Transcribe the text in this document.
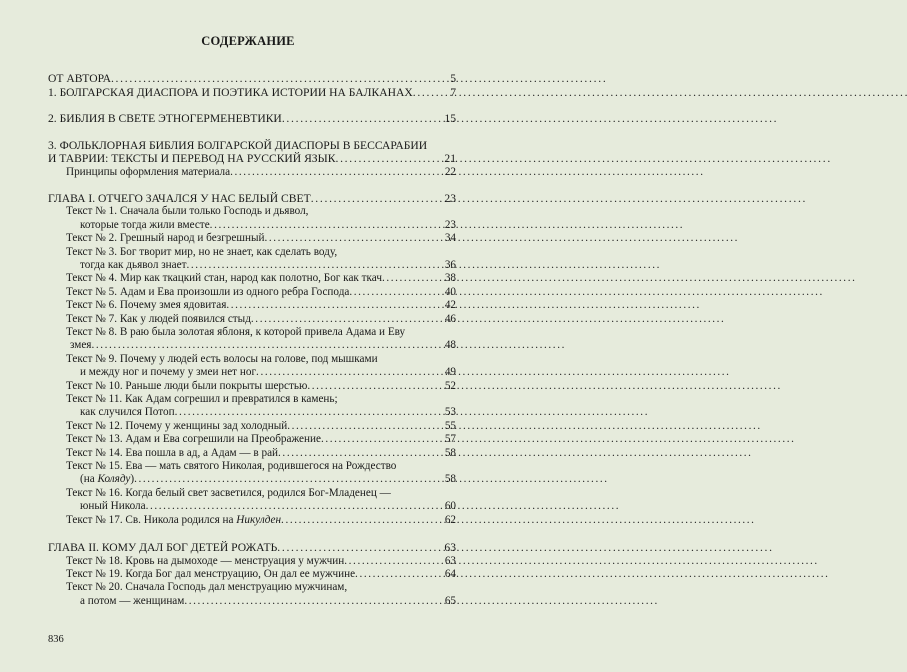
СОДЕРЖАНИЕ
ОТ АВТОРА . . .	5
1. БОЛГАРСКАЯ ДИАСПОРА И ПОЭТИКА ИСТОРИИ НА БАЛКАНАХ . . .	7
2. БИБЛИЯ В СВЕТЕ ЭТНОГЕРМЕНЕВТИКИ . . .	15
3. ФОЛЬКЛОРНАЯ БИБЛИЯ БОЛГАРСКОЙ ДИАСПОРЫ В БЕССАРАБИИ
И ТАВРИИ: ТЕКСТЫ И ПЕРЕВОД НА РУССКИЙ ЯЗЫК . . .	21
Принципы оформления материала . . .	22
ГЛАВА I. ОТЧЕГО ЗАЧАЛСЯ У НАС БЕЛЫЙ СВЕТ . . .	23
Текст № 1. Сначала были только Господь и дьявол,
которые тогда жили вместе . . .	23
Текст № 2. Грешный народ и безгрешный . . .	34
Текст № 3. Бог творит мир, но не знает, как сделать воду,
тогда как дьявол знает . . .	36
Текст № 4. Мир как ткацкий стан, народ как полотно, Бог как ткач . . .	38
Текст № 5. Адам и Ева произошли из одного ребра Господа . . .	40
Текст № 6. Почему змея ядовитая . . .	42
Текст № 7. Как у людей появился стыд . . .	46
Текст № 8. В раю была золотая яблоня, к которой привела Адама и Еву
змея . . .	48
Текст № 9. Почему у людей есть волосы на голове, под мышками
и между ног и почему у змеи нет ног . . .	49
Текст № 10. Раньше люди были покрыты шерстью . . .	52
Текст № 11. Как Адам согрешил и превратился в камень;
как случился Потоп . . .	53
Текст № 12. Почему у женщины зад холодный . . .	55
Текст № 13. Адам и Ева согрешили на Преображение . . .	57
Текст № 14. Ева пошла в ад, а Адам — в рай . . .	58
Текст № 15. Ева — мать святого Николая, родившегося на Рождество
(на Коляду) . . .	58
Текст № 16. Когда белый свет засветился, родился Бог-Младенец —
юный Никола . . .	60
Текст № 17. Св. Никола родился на Никулден . . .	62
ГЛАВА II. КОМУ ДАЛ БОГ ДЕТЕЙ РОЖАТЬ . . .	63
Текст № 18. Кровь на дымоходе — менструация у мужчин . . .	63
Текст № 19. Когда Бог дал менструацию, Он дал ее мужчине . . .	64
Текст № 20. Сначала Господь дал менструацию мужчинам,
а потом — женщинам . . .	65
836
